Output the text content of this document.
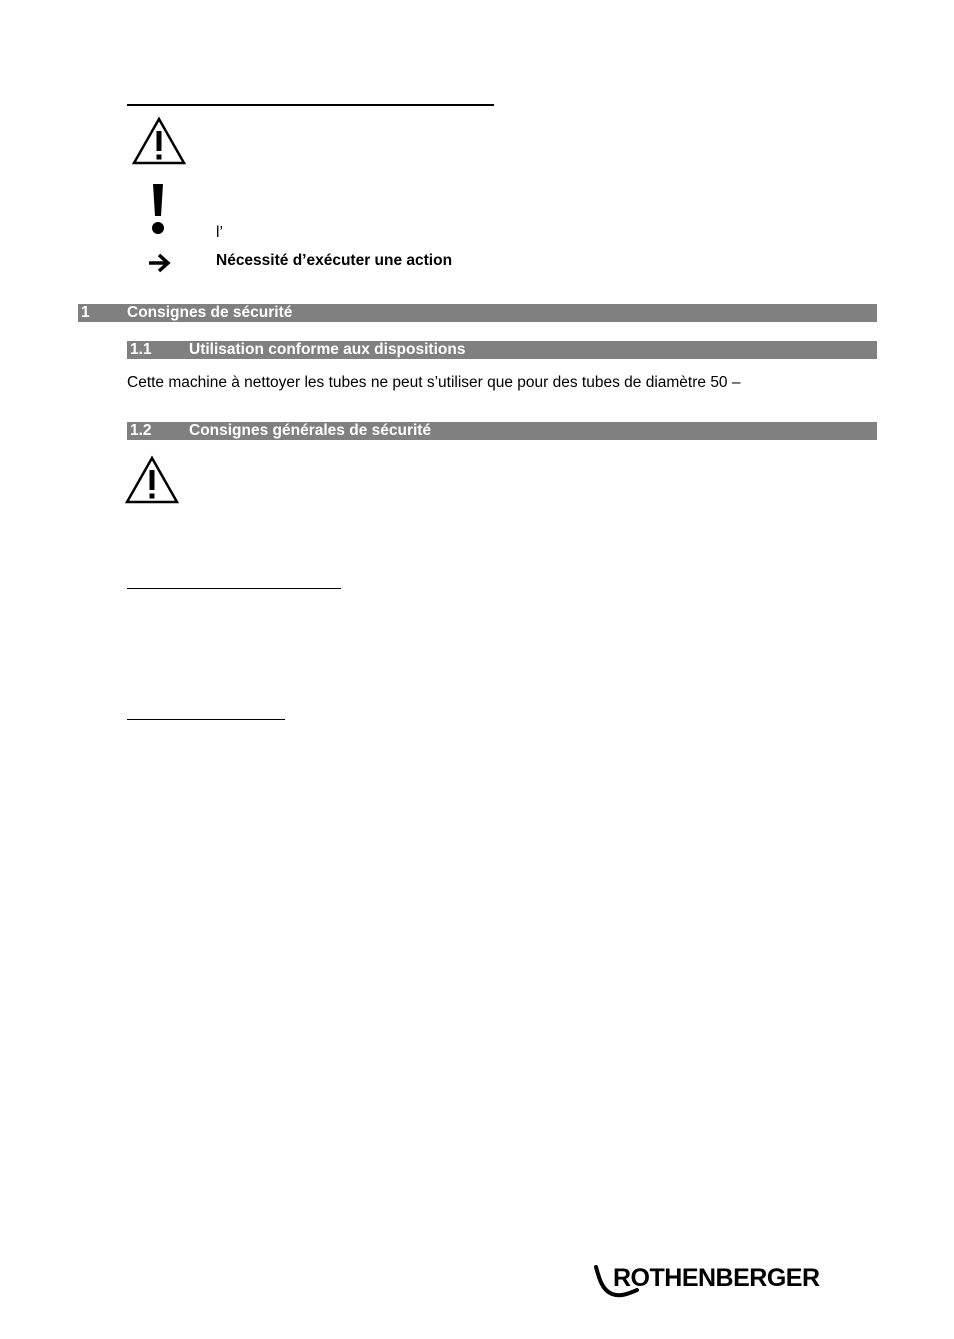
l’
Nécessité d’exécuter une action
1 Consignes de sécurité
1.1 Utilisation conforme aux dispositions
Cette machine à nettoyer les tubes ne peut s’utiliser que pour des tubes de diamètre 50 –
1.2 Consignes générales de sécurité
ROTHENBERGER
